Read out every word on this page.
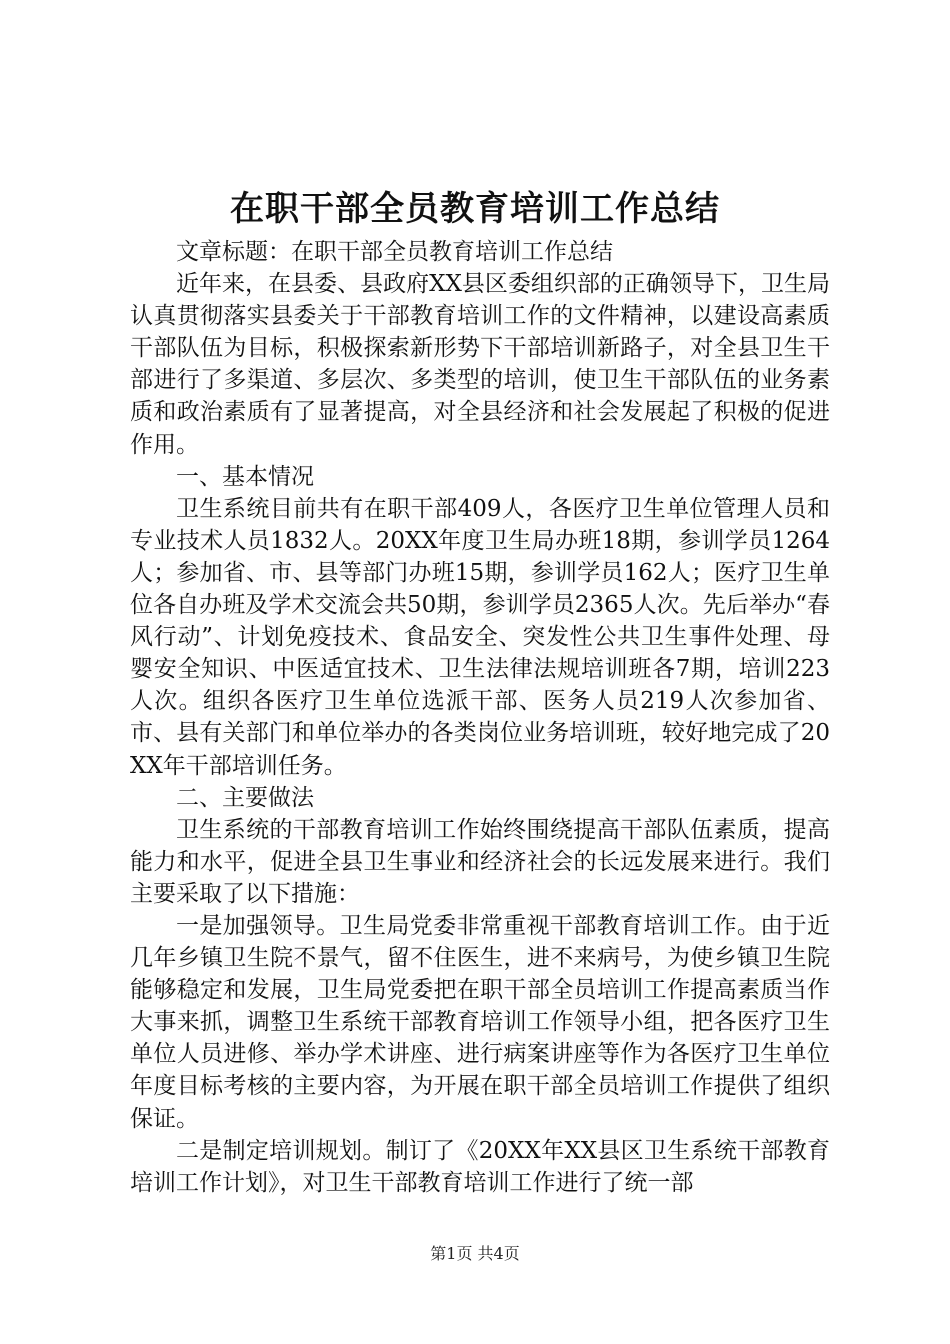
在职干部全员教育培训工作总结

文章标题：在职干部全员教育培训工作总结

近年来，在县委、县政府XX县区委组织部的正确领导下，卫生局认真贯彻落实县委关于干部教育培训工作的文件精神，以建设高素质干部队伍为目标，积极探索新形势下干部培训新路子，对全县卫生干部进行了多渠道、多层次、多类型的培训，使卫生干部队伍的业务素质和政治素质有了显著提高，对全县经济和社会发展起了积极的促进作用。

一、基本情况

卫生系统目前共有在职干部409人，各医疗卫生单位管理人员和专业技术人员1832人。20XX年度卫生局办班18期，参训学员1264人；参加省、市、县等部门办班15期，参训学员162人；医疗卫生单位各自办班及学术交流会共50期，参训学员2365人次。先后举办“春风行动”、计划免疫技术、食品安全、突发性公共卫生事件处理、母婴安全知识、中医适宜技术、卫生法律法规培训班各7期，培训223人次。组织各医疗卫生单位选派干部、医务人员219人次参加省、市、县有关部门和单位举办的各类岗位业务培训班，较好地完成了20XX年干部培训任务。

二、主要做法

卫生系统的干部教育培训工作始终围绕提高干部队伍素质，提高能力和水平，促进全县卫生事业和经济社会的长远发展来进行。我们主要采取了以下措施：

一是加强领导。卫生局党委非常重视干部教育培训工作。由于近几年乡镇卫生院不景气，留不住医生，进不来病号，为使乡镇卫生院能够稳定和发展，卫生局党委把在职干部全员培训工作提高素质当作大事来抓，调整卫生系统干部教育培训工作领导小组，把各医疗卫生单位人员进修、举办学术讲座、进行病案讲座等作为各医疗卫生单位年度目标考核的主要内容，为开展在职干部全员培训工作提供了组织保证。

二是制定培训规划。制订了《20XX年XX县区卫生系统干部教育培训工作计划》，对卫生干部教育培训工作进行了统一部

第1页 共4页
